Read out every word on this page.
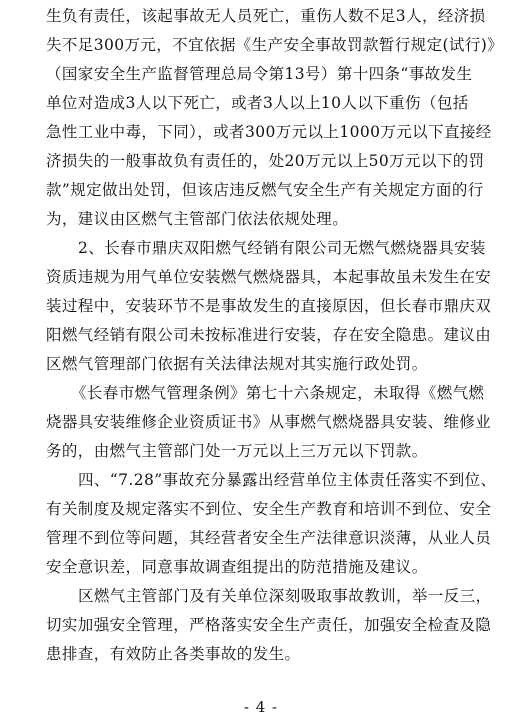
生负有责任，该起事故无人员死亡，重伤人数不足3人，经济损
失不足300万元，不宜依据《生产安全事故罚款暂行规定(试行)》
（国家安全生产监督管理总局令第13号）第十四条“事故发生
单位对造成3人以下死亡，或者3人以上10人以下重伤（包括
急性工业中毒，下同），或者300万元以上1000万元以下直接经
济损失的一般事故负有责任的，处20万元以上50万元以下的罚
款”规定做出处罚，但该店违反燃气安全生产有关规定方面的行
为，建议由区燃气主管部门依法依规处理。
2、长春市鼎庆双阳燃气经销有限公司无燃气燃烧器具安装
资质违规为用气单位安装燃气燃烧器具，本起事故虽未发生在安
装过程中，安装环节不是事故发生的直接原因，但长春市鼎庆双
阳燃气经销有限公司未按标准进行安装，存在安全隐患。建议由
区燃气管理部门依据有关法律法规对其实施行政处罚。
《长春市燃气管理条例》第七十六条规定，未取得《燃气燃
烧器具安装维修企业资质证书》从事燃气燃烧器具安装、维修业
务的，由燃气主管部门处一万元以上三万元以下罚款。
四、“7.28”事故充分暴露出经营单位主体责任落实不到位、
有关制度及规定落实不到位、安全生产教育和培训不到位、安全
管理不到位等问题，其经营者安全生产法律意识淡薄，从业人员
安全意识差，同意事故调查组提出的防范措施及建议。
- 4 -
区燃气主管部门及有关单位深刻吸取事故教训，举一反三，
切实加强安全管理，严格落实安全生产责任，加强安全检查及隐
患排查，有效防止各类事故的发生。
